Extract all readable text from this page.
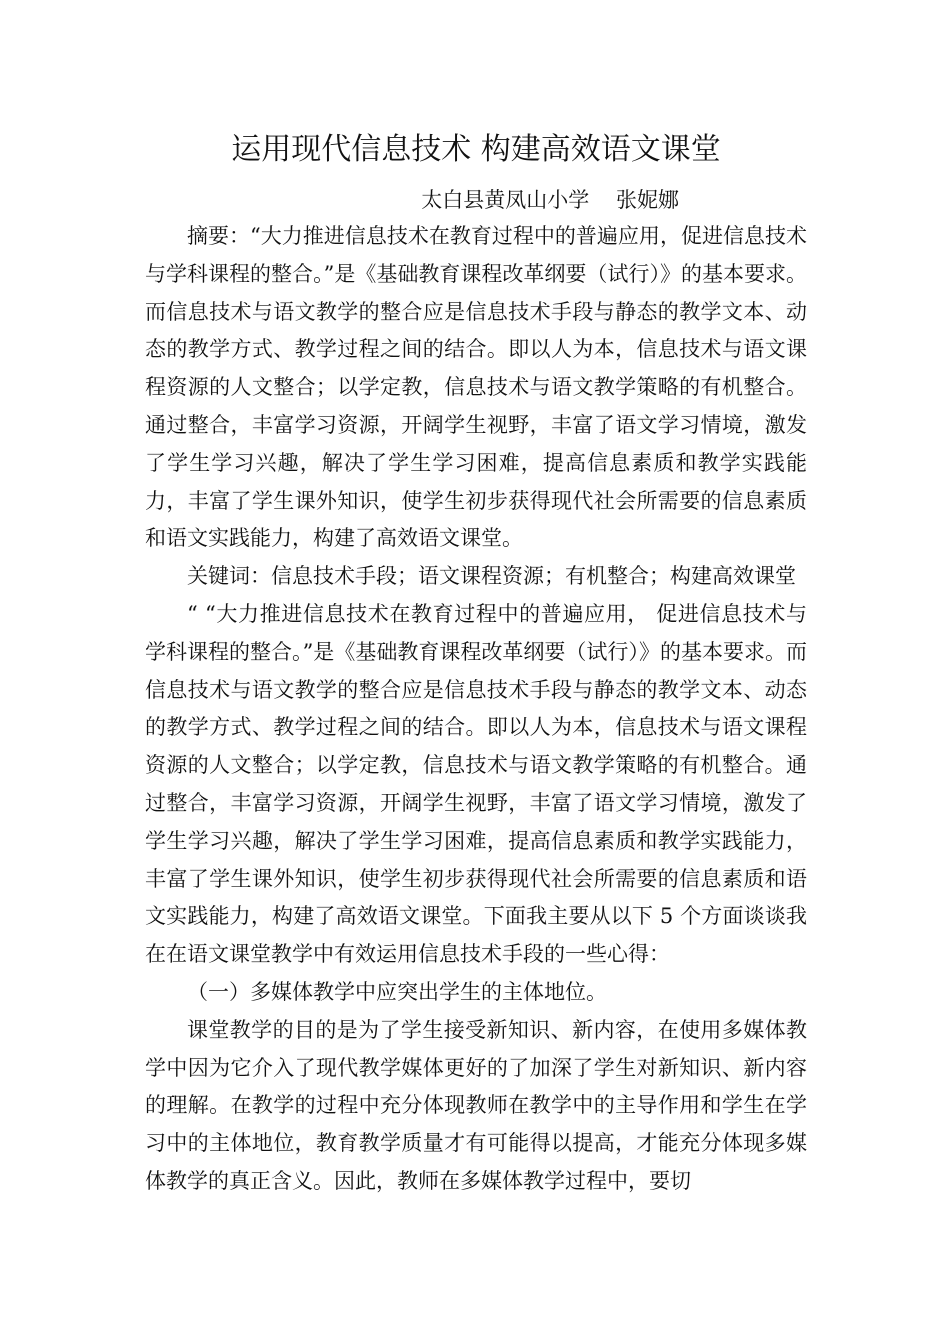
运用现代信息技术 构建高效语文课堂
太白县黄凤山小学    张妮娜

摘要：“大力推进信息技术在教育过程中的普遍应用，促进信息技术与学科课程的整合。”是《基础教育课程改革纲要（试行）》的基本要求。而信息技术与语文教学的整合应是信息技术手段与静态的教学文本、动态的教学方式、教学过程之间的结合。即以人为本，信息技术与语文课程资源的人文整合；以学定教，信息技术与语文教学策略的有机整合。通过整合，丰富学习资源，开阔学生视野，丰富了语文学习情境，激发了学生学习兴趣，解决了学生学习困难，提高信息素质和教学实践能力，丰富了学生课外知识，使学生初步获得现代社会所需要的信息素质和语文实践能力，构建了高效语文课堂。

关键词：信息技术手段；语文课程资源；有机整合；构建高效课堂

“ “大力推进信息技术在教育过程中的普遍应用， 促进信息技术与学科课程的整合。”是《基础教育课程改革纲要（试行）》的基本要求。而信息技术与语文教学的整合应是信息技术手段与静态的教学文本、动态的教学方式、教学过程之间的结合。即以人为本，信息技术与语文课程资源的人文整合；以学定教，信息技术与语文教学策略的有机整合。通过整合，丰富学习资源，开阔学生视野，丰富了语文学习情境，激发了学生学习兴趣，解决了学生学习困难，提高信息素质和教学实践能力，丰富了学生课外知识，使学生初步获得现代社会所需要的信息素质和语文实践能力，构建了高效语文课堂。下面我主要从以下 5 个方面谈谈我在在语文课堂教学中有效运用信息技术手段的一些心得：

（一）多媒体教学中应突出学生的主体地位。

课堂教学的目的是为了学生接受新知识、新内容，在使用多媒体教学中因为它介入了现代教学媒体更好的了加深了学生对新知识、新内容的理解。在教学的过程中充分体现教师在教学中的主导作用和学生在学习中的主体地位，教育教学质量才有可能得以提高，才能充分体现多媒体教学的真正含义。因此，教师在多媒体教学过程中，要切
